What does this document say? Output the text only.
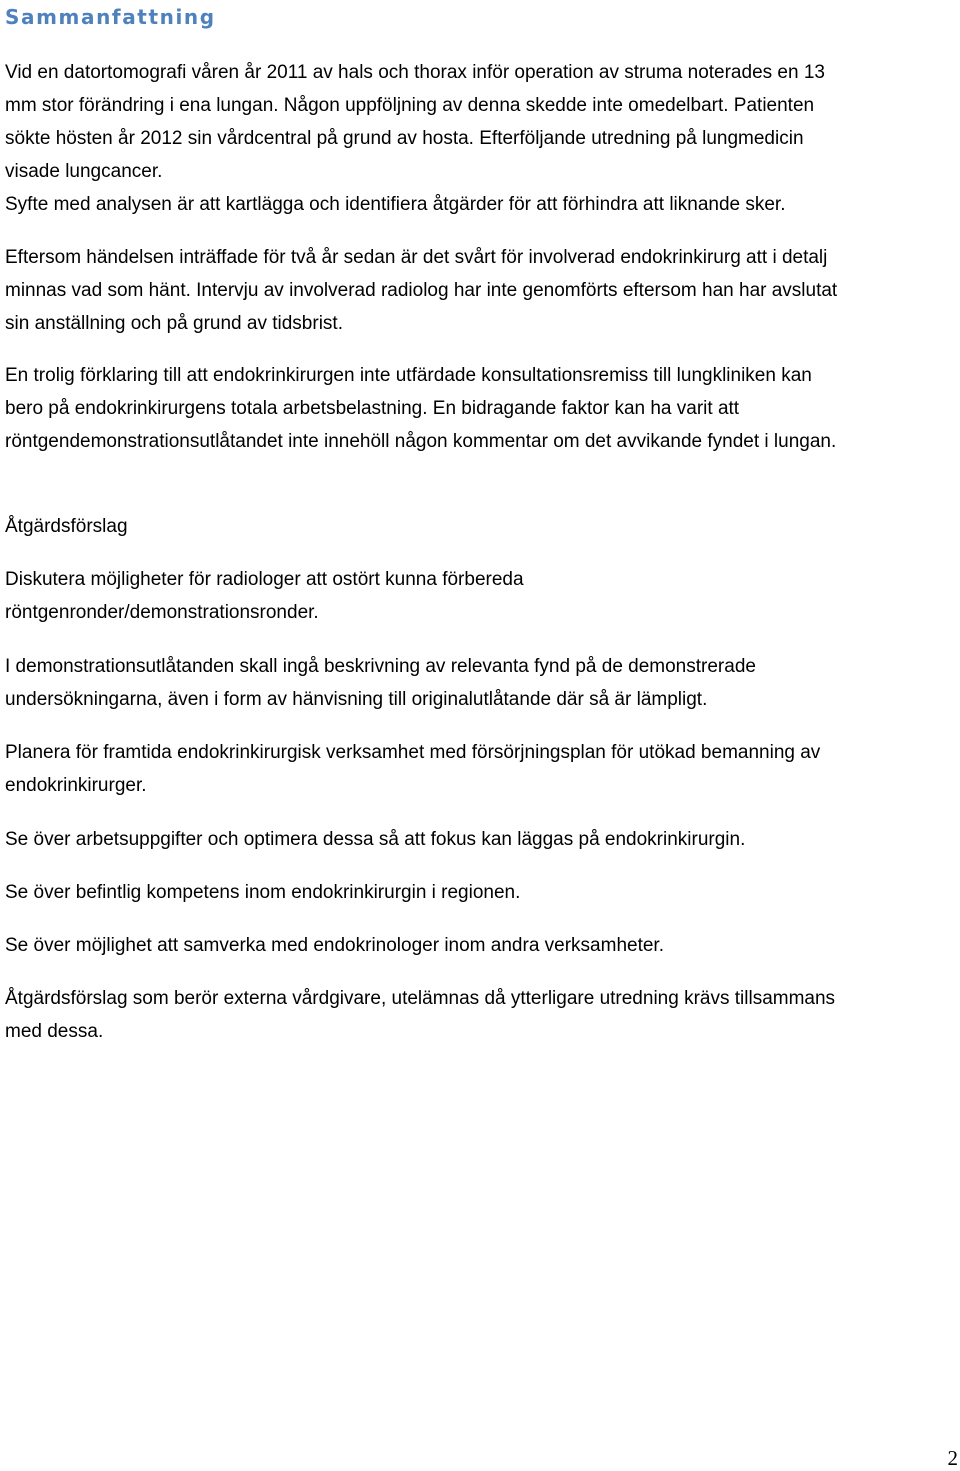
Sammanfattning

Vid en datortomografi våren år 2011 av hals och thorax inför operation av struma noterades en 13
mm stor förändring i ena lungan. Någon uppföljning av denna skedde inte omedelbart. Patienten
sökte hösten år 2012 sin vårdcentral på grund av hosta. Efterföljande utredning på lungmedicin
visade lungcancer.

Syfte med analysen är att kartlägga och identifiera åtgärder för att förhindra att liknande sker.

Eftersom händelsen inträffade för två år sedan är det svårt för involverad endokrinkirurg att i detalj
minnas vad som hänt. Intervju av involverad radiolog har inte genomförts eftersom han har avslutat
sin anställning och på grund av tidsbrist.

En trolig förklaring till att endokrinkirurgen inte utfärdade konsultationsremiss till lungkliniken kan
bero på endokrinkirurgens totala arbetsbelastning. En bidragande faktor kan ha varit att
röntgendemonstrationsutlåtandet inte innehöll någon kommentar om det avvikande fyndet i lungan.

Åtgärdsförslag

Diskutera möjligheter för radiologer att ostört kunna förbereda
röntgenronder/demonstrationsronder.

I demonstrationsutlåtanden skall ingå beskrivning av relevanta fynd på de demonstrerade
undersökningarna, även i form av hänvisning till originalutlåtande där så är lämpligt.

Planera för framtida endokrinkirurgisk verksamhet med försörjningsplan för utökad bemanning av
endokrinkirurger.

Se över arbetsuppgifter och optimera dessa så att fokus kan läggas på endokrinkirurgin.

Se över befintlig kompetens inom endokrinkirurgin i regionen.

Se över möjlighet att samverka med endokrinologer inom andra verksamheter.

Åtgärdsförslag som berör externa vårdgivare, utelämnas då ytterligare utredning krävs tillsammans
med dessa.

2
